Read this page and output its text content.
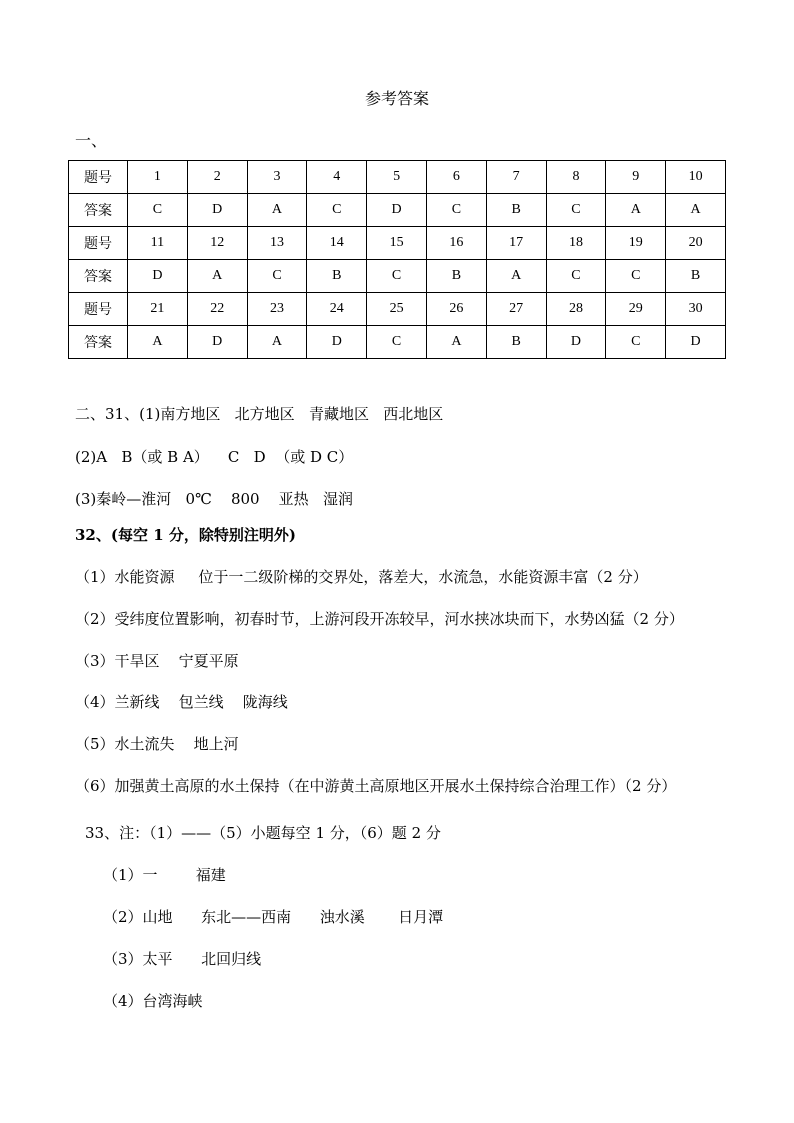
参考答案
一、
题号	1	2	3	4	5	6	7	8	9	10
答案	C	D	A	C	D	C	B	C	A	A
题号	11	12	13	14	15	16	17	18	19	20
答案	D	A	C	B	C	B	A	C	C	B
题号	21	22	23	24	25	26	27	28	29	30
答案	A	D	A	D	C	A	B	D	C	D
二、31、(1)南方地区   北方地区   青藏地区   西北地区
(2)A   B（或 B A）    C   D  （或 D C）
(3)秦岭—淮河   0℃    800    亚热   湿润
32、(每空 1 分，除特别注明外)
（1）水能资源     位于一二级阶梯的交界处，落差大，水流急，水能资源丰富（2 分）
（2）受纬度位置影响，初春时节，上游河段开冻较早，河水挟冰块而下，水势凶猛（2 分）
（3）干旱区    宁夏平原
（4）兰新线    包兰线    陇海线
（5）水土流失    地上河
（6）加强黄土高原的水土保持（在中游黄土高原地区开展水土保持综合治理工作）（2 分）
33、注：（1）——（5）小题每空 1 分，（6）题 2 分
（1）一        福建
（2）山地      东北——西南      浊水溪       日月潭
（3）太平      北回归线
（4）台湾海峡
